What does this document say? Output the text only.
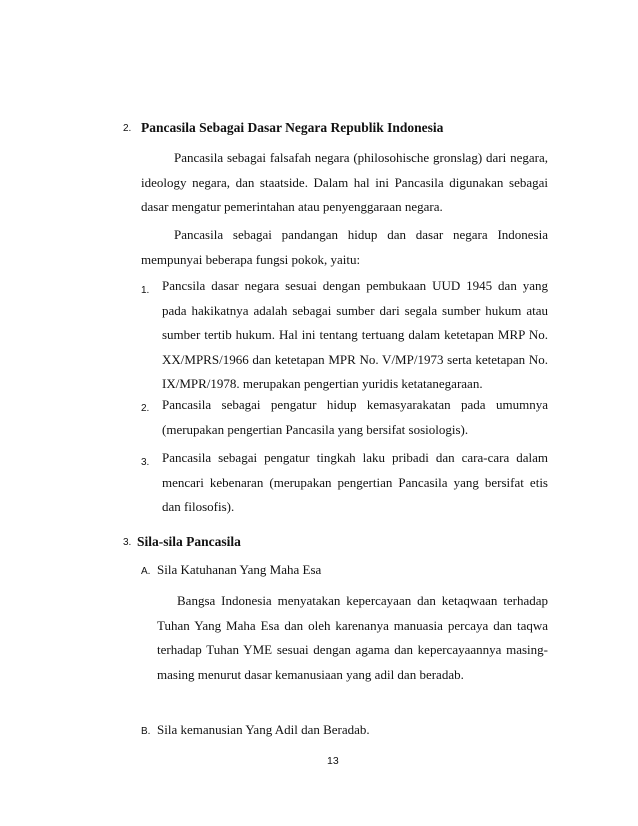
2. Pancasila Sebagai Dasar Negara Republik Indonesia

Pancasila sebagai falsafah negara (philosohische gronslag) dari negara, ideology negara, dan staatside. Dalam hal ini Pancasila digunakan sebagai dasar mengatur pemerintahan atau penyenggaraan negara.

Pancasila sebagai pandangan hidup dan dasar negara Indonesia mempunyai beberapa fungsi pokok, yaitu:

1. Pancsila dasar negara sesuai dengan pembukaan UUD 1945 dan yang pada hakikatnya adalah sebagai sumber dari segala sumber hukum atau sumber tertib hukum. Hal ini tentang tertuang dalam ketetapan MRP No. XX/MPRS/1966 dan ketetapan MPR No. V/MP/1973 serta ketetapan No. IX/MPR/1978. merupakan pengertian yuridis ketatanegaraan.

2. Pancasila sebagai pengatur hidup kemasyarakatan pada umumnya (merupakan pengertian Pancasila yang bersifat sosiologis).

3. Pancasila sebagai pengatur tingkah laku pribadi dan cara-cara dalam mencari kebenaran (merupakan pengertian Pancasila yang bersifat etis dan filosofis).

3. Sila-sila Pancasila
A. Sila Katuhanan Yang Maha Esa

Bangsa Indonesia menyatakan kepercayaan dan ketaqwaan terhadap Tuhan Yang Maha Esa dan oleh karenanya manuasia percaya dan taqwa terhadap Tuhan YME sesuai dengan agama dan kepercayaannya masing-masing menurut dasar kemanusiaan yang adil dan beradab.

B. Sila kemanusian Yang Adil dan Beradab.
13
